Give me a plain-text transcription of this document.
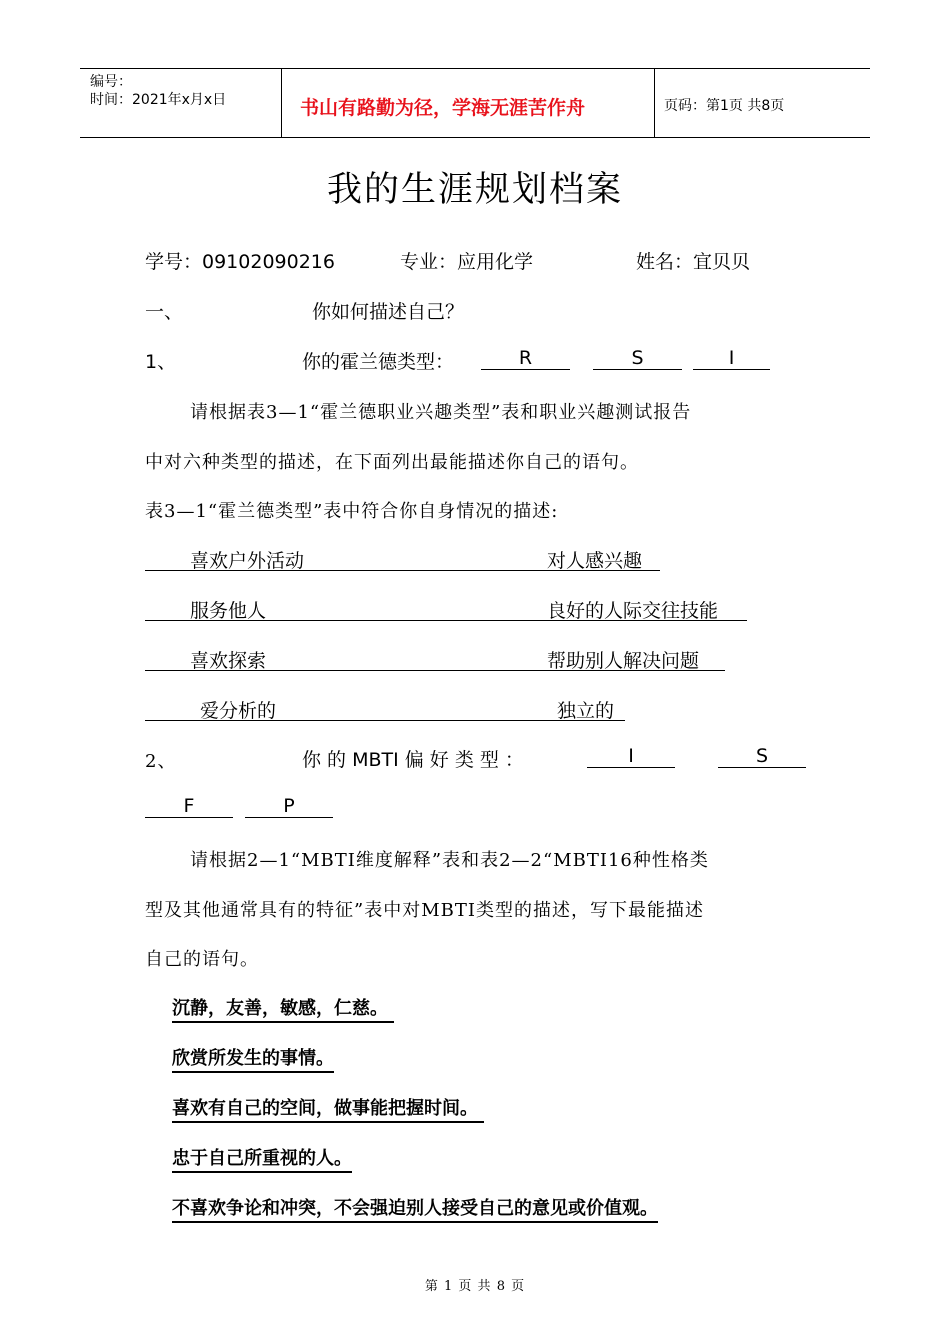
编号：
时间：2021年x月x日	书山有路勤为径，学海无涯苦作舟	页码：第1页 共8页
我的生涯规划档案
学号：09102090216	专业：应用化学	姓名：宜贝贝
一、	你如何描述自己？
1、	你的霍兰德类型：	R	S	I
请根据表3—1“霍兰德职业兴趣类型”表和职业兴趣测试报告
中对六种类型的描述，在下面列出最能描述你自己的语句。
表3—1“霍兰德类型”表中符合你自身情况的描述:
喜欢户外活动	对人感兴趣
服务他人	良好的人际交往技能
喜欢探索	帮助别人解决问题
爱分析的	独立的
2、	你 的 MBTI 偏 好 类 型 ：	I	S
F	P
请根据2—1“MBTI维度解释”表和表2—2“MBTI16种性格类
型及其他通常具有的特征”表中对MBTI类型的描述，写下最能描述
自己的语句。
沉静，友善，敏感，仁慈。
欣赏所发生的事情。
喜欢有自己的空间，做事能把握时间。
忠于自己所重视的人。
不喜欢争论和冲突，不会强迫别人接受自己的意见或价值观。
第 1 页 共 8 页
